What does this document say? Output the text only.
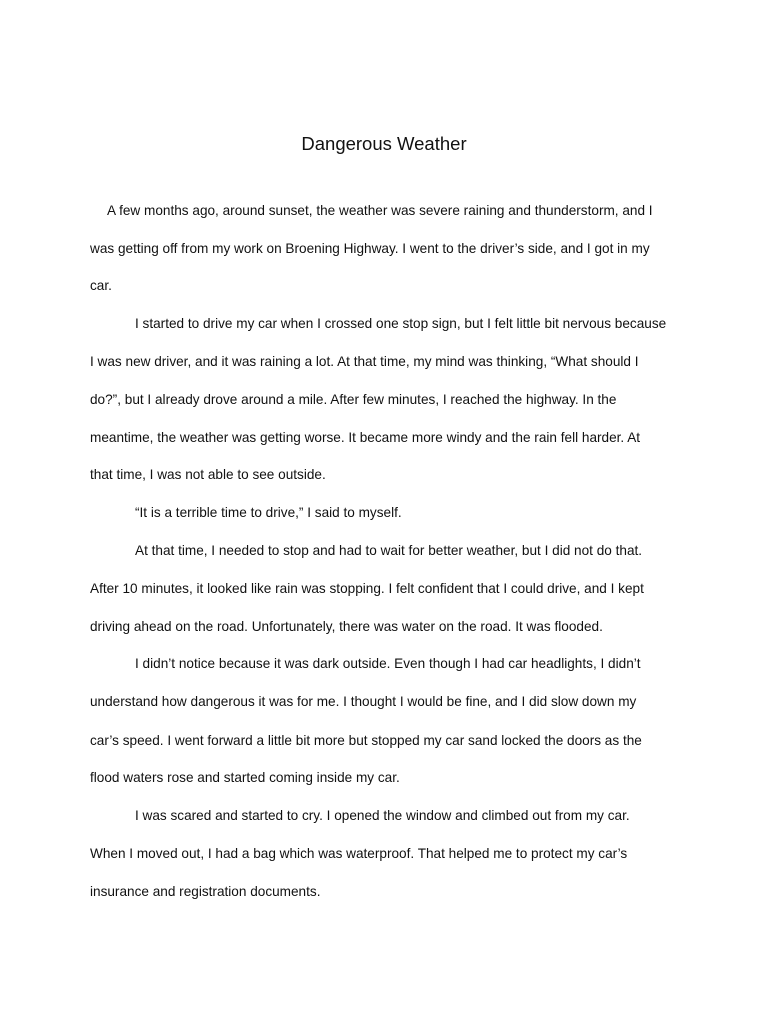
Dangerous Weather
A few months ago, around sunset, the weather was severe raining and thunderstorm, and I
was getting off from my work on Broening Highway. I went to the driver’s side, and I got in my
car.
I started to drive my car when I crossed one stop sign, but I felt little bit nervous because
I was new driver, and it was raining a lot. At that time, my mind was thinking, “What should I
do?”, but I already drove around a mile. After few minutes, I reached the highway. In the
meantime, the weather was getting worse. It became more windy and the rain fell harder. At
that time, I was not able to see outside.
“It is a terrible time to drive,” I said to myself.
At that time, I needed to stop and had to wait for better weather, but I did not do that.
After 10 minutes, it looked like rain was stopping. I felt confident that I could drive, and I kept
driving ahead on the road. Unfortunately, there was water on the road. It was flooded.
I didn’t notice because it was dark outside. Even though I had car headlights, I didn’t
understand how dangerous it was for me. I thought I would be fine, and I did slow down my
car’s speed. I went forward a little bit more but stopped my car sand locked the doors as the
flood waters rose and started coming inside my car.
I was scared and started to cry. I opened the window and climbed out from my car.
When I moved out, I had a bag which was waterproof. That helped me to protect my car’s
insurance and registration documents.
